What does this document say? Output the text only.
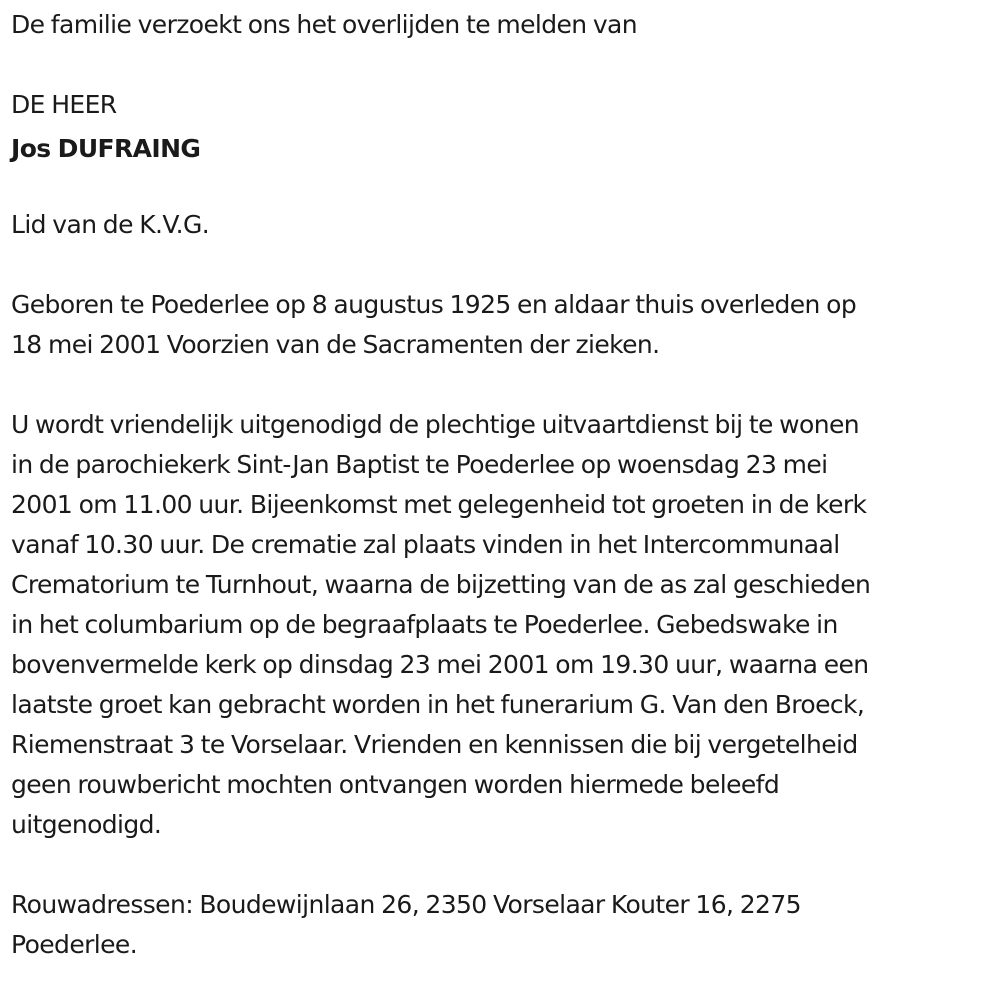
De familie verzoekt ons het overlijden te melden van
DE HEER
Jos DUFRAING
Lid van de K.V.G.
Geboren te Poederlee op 8 augustus 1925 en aldaar thuis overleden op
18 mei 2001 Voorzien van de Sacramenten der zieken.
U wordt vriendelijk uitgenodigd de plechtige uitvaartdienst bij te wonen
in de parochiekerk Sint-Jan Baptist te Poederlee op woensdag 23 mei
2001 om 11.00 uur. Bijeenkomst met gelegenheid tot groeten in de kerk
vanaf 10.30 uur. De crematie zal plaats vinden in het Intercommunaal
Crematorium te Turnhout, waarna de bijzetting van de as zal geschieden
in het columbarium op de begraafplaats te Poederlee. Gebedswake in
bovenvermelde kerk op dinsdag 23 mei 2001 om 19.30 uur, waarna een
laatste groet kan gebracht worden in het funerarium G. Van den Broeck,
Riemenstraat 3 te Vorselaar. Vrienden en kennissen die bij vergetelheid
geen rouwbericht mochten ontvangen worden hiermede beleefd
uitgenodigd.
Rouwadressen: Boudewijnlaan 26, 2350 Vorselaar Kouter 16, 2275
Poederlee.
